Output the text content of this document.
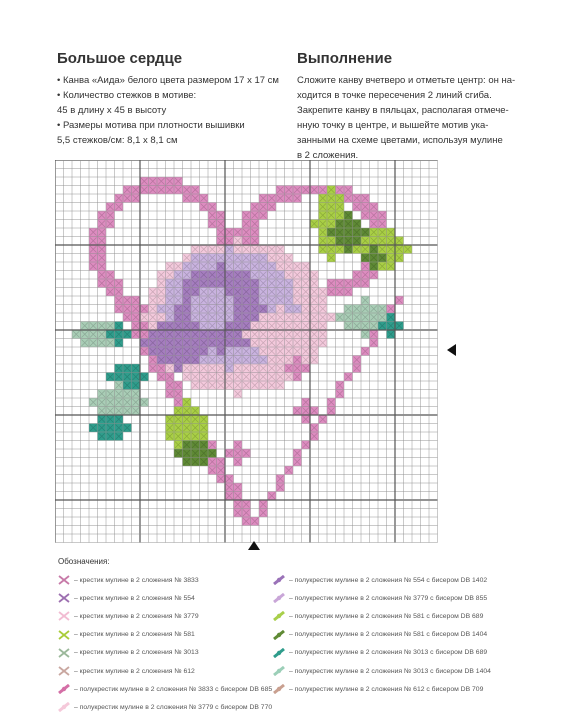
Большое сердце
• Канва «Аида» белого цвета размером 17 х 17 см
• Количество стежков в мотиве:
45 в длину х 45 в высоту
• Размеры мотива при плотности вышивки
5,5 стежков/см: 8,1 х 8,1 см
Выполнение
Сложите канву вчетверо и отметьте центр: он на-
ходится в точке пересечения 2 линий сгиба.
Закрепите канву в пяльцах, располагая отмече-
нную точку в центре, и вышейте мотив ука-
занными на схеме цветами, используя мулине
в 2 сложения.
Обозначения:
– крестик мулине в 2 сложения № 3833
– крестик мулине в 2 сложения № 554
– крестик мулине в 2 сложения № 3779
– крестик мулине в 2 сложения № 581
– крестик мулине в 2 сложения № 3013
– крестик мулине в 2 сложения № 612
– полукрестик мулине в 2 сложения № 3833 с бисером DB 685
– полукрестик мулине в 2 сложения № 3779 с бисером DB 770
– полукрестик мулине в 2 сложения № 554 с бисером DB 1402
– полукрестик мулине в 2 сложения № 3779 с бисером DB 855
– полукрестик мулине в 2 сложения № 581 с бисером DB 689
– полукрестик мулине в 2 сложения № 581 с бисером DB 1404
– полукрестик мулине в 2 сложения № 3013 с бисером DB 689
– полукрестик мулине в 2 сложения № 3013 с бисером DB 1404
– полукрестик мулине в 2 сложения № 612 с бисером DB 709
